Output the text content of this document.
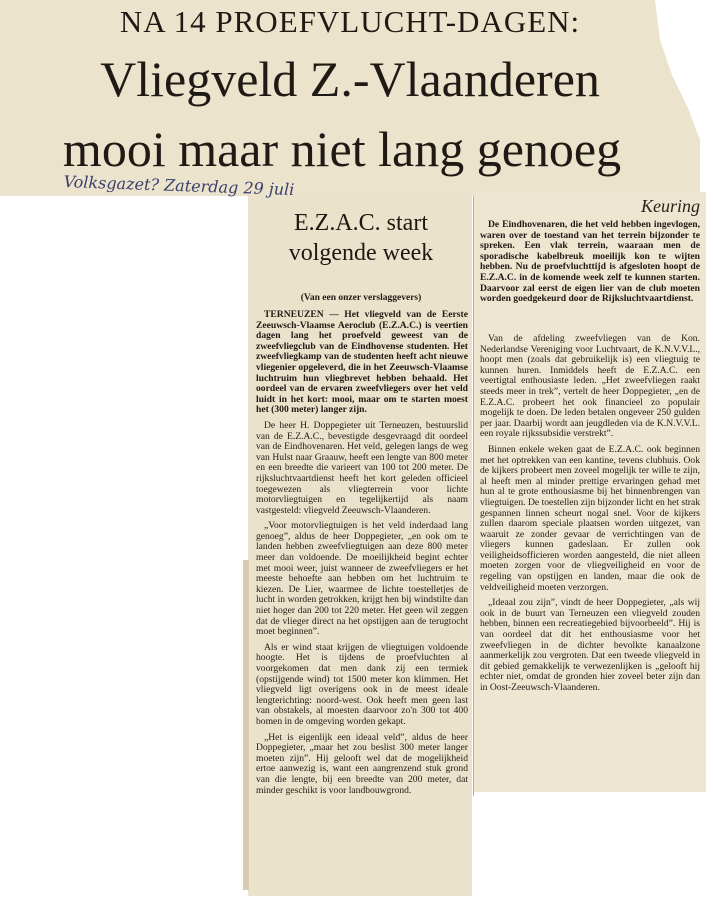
NA 14 PROEFVLUCHT-DAGEN:
Vliegveld Z.-Vlaanderen
mooi maar niet lang genoeg
Volksgazet? Zaterdag 29 juli
Keuring
E.Z.A.C. start
volgende week
(Van een onzer verslaggevers)

TERNEUZEN — Het vliegveld van de Eerste Zeeuwsch-Vlaamse Aeroclub (E.Z.A.C.) is veertien dagen lang het proefveld geweest van de zweefvliegclub van de Eindhovense studenten. Het zweefvliegkamp van de studenten heeft acht nieuwe vliegenier opgeleverd, die in het Zeeuwsch-Vlaamse luchtruim hun vliegbrevet hebben behaald. Het oordeel van de ervaren zweefvliegers over het veld luidt in het kort: mooi, maar om te starten moest het (300 meter) langer zijn.

De heer H. Doppegieter uit Terneuzen, bestuurslid van de E.Z.A.C., bevestigde desgevraagd dit oordeel van de Eindhovenaren. Het veld, gelegen langs de weg van Hulst naar Graauw, heeft een lengte van 800 meter en een breedte die varieert van 100 tot 200 meter. De rijksluchtvaartdienst heeft het kort geleden officieel toegewezen als vliegterrein voor lichte motorvliegtuigen en tegelijkertijd als naam vastgesteld: vliegveld Zeeuwsch-Vlaanderen.

„Voor motorvliegtuigen is het veld inderdaad lang genoeg”, aldus de heer Doppegieter, „en ook om te landen hebben zweefvliegtuigen aan deze 800 meter meer dan voldoende. De moeilijkheid begint echter met mooi weer, juist wanneer de zweefvliegers er het meeste behoefte aan hebben om het luchtruim te kiezen. De Lier, waarmee de lichte toestelletjes de lucht in worden getrokken, krijgt hen bij windstilte dan niet hoger dan 200 tot 220 meter. Het geen wil zeggen dat de vlieger direct na het opstijgen aan de terugtocht moet beginnen”.

Als er wind staat krijgen de vliegtuigen voldoende hoogte. Het is tijdens de proefvluchten al voorgekomen dat men dank zij een termiek (opstijgende wind) tot 1500 meter kon klimmen. Het vliegveld ligt overigens ook in de meest ideale lengterichting: noord-west. Ook heeft men geen last van obstakels, al moesten daarvoor zo'n 300 tot 400 bomen in de omgeving worden gekapt.

„Het is eigenlijk een ideaal veld”, aldus de heer Doppegieter, „maar het zou beslist 300 meter langer moeten zijn”. Hij gelooft wel dat de mogelijkheid ertoe aanwezig is, want een aangrenzend stuk grond van die lengte, bij een breedte van 200 meter, dat minder geschikt is voor landbouwgrond.

De Eindhovenaren, die het veld hebben ingevlogen, waren over de toestand van het terrein bijzonder te spreken. Een vlak terrein, waaraan men de sporadische kabelbreuk moeilijk kon te wijten hebben. Nu de proefvluchttijd is afgesloten hoopt de E.Z.A.C. in de komende week zelf te kunnen starten. Daarvoor zal eerst de eigen lier van de club moeten worden goedgekeurd door de Rijksluchtvaartdienst.

Van de afdeling zweefvliegen van de Kon. Nederlandse Vereniging voor Luchtvaart, de K.N.V.V.L., hoopt men (zoals dat gebruikelijk is) een vliegtuig te kunnen huren. Inmiddels heeft de E.Z.A.C. een veertigtal enthousiaste leden. „Het zweefvliegen raakt steeds meer in trek”, vertelt de heer Doppegieter, „en de E.Z.A.C. probeert het ook financieel zo populair mogelijk te doen. De leden betalen ongeveer 250 gulden per jaar. Daarbij wordt aan jeugdleden via de K.N.V.V.L. een royale rijkssubsidie verstrekt”.

Binnen enkele weken gaat de E.Z.A.C. ook beginnen met het optrekken van een kantine, tevens clubhuis. Ook de kijkers probeert men zoveel mogelijk ter wille te zijn, al heeft men al minder prettige ervaringen gehad met hun al te grote enthousiasme bij het binnenbrengen van vliegtuigen. De toestellen zijn bijzonder licht en het strak gespannen linnen scheurt nogal snel. Voor de kijkers zullen daarom speciale plaatsen worden uitgezet, van waaruit ze zonder gevaar de verrichtingen van de vliegers kunnen gadeslaan. Er zullen ook veiligheidsofficieren worden aangesteld, die niet alleen moeten zorgen voor de vliegveiligheid en voor de regeling van opstijgen en landen, maar die ook de veldveiligheid moeten verzorgen.

„Ideaal zou zijn”, vindt de heer Doppegieter, „als wij ook in de buurt van Terneuzen een vliegveld zouden hebben, binnen een recreatiegebied bijvoorbeeld”. Hij is van oordeel dat dit het enthousiasme voor het zweefvliegen in de dichter bevolkte kanaalzone aanmerkelijk zou vergroten. Dat een tweede vliegveld in dit gebied gemakkelijk te verwezenlijken is „gelooft hij echter niet, omdat de gronden hier zoveel beter zijn dan in Oost-Zeeuwsch-Vlaanderen.
